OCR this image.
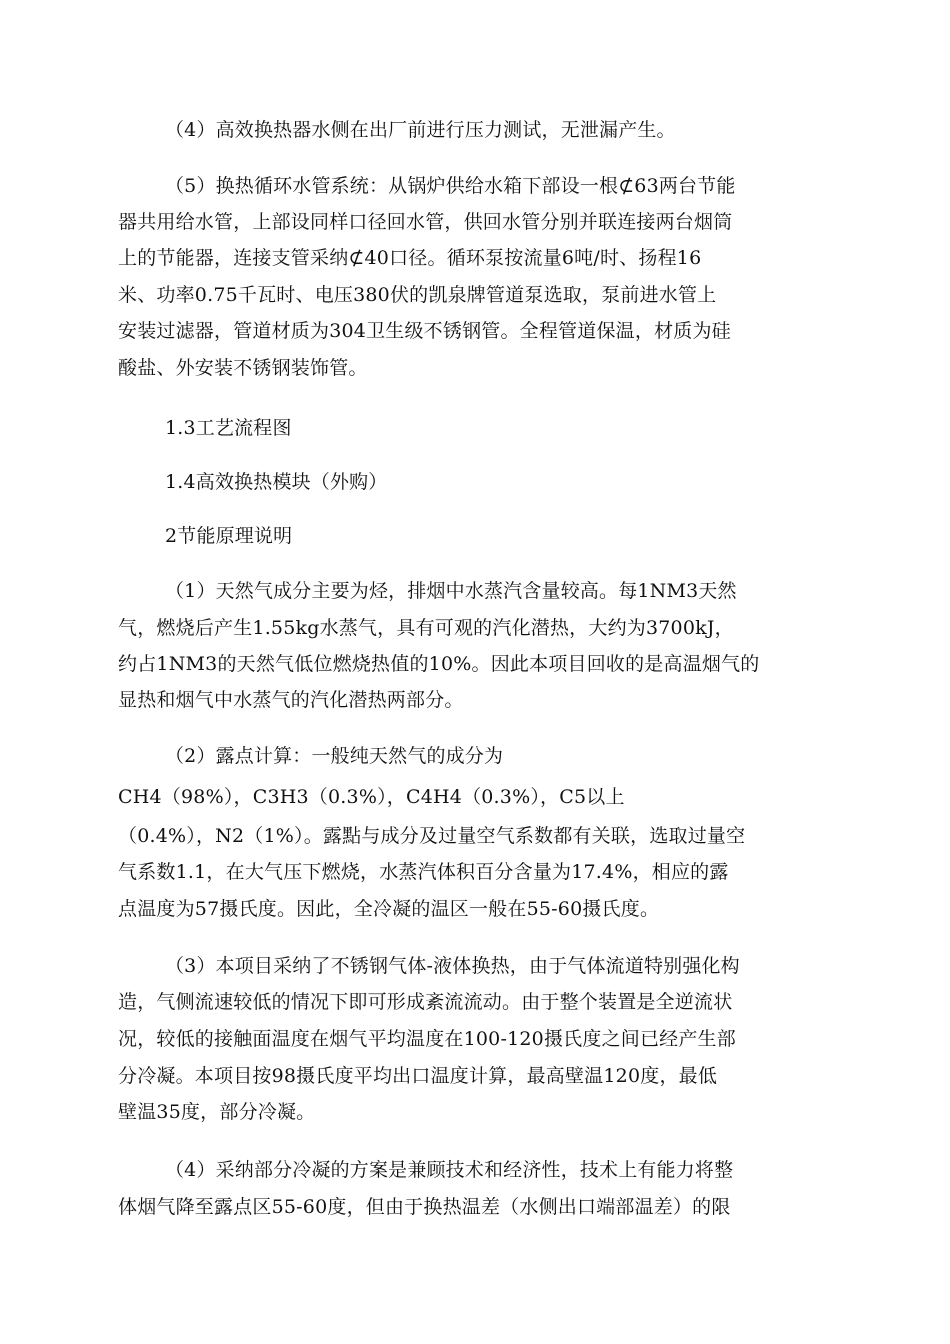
（4）高效换热器水侧在出厂前进行压力测试，无泄漏产生。
（5）换热循环水管系统：从锅炉供给水箱下部设一根⊄63两台节能
器共用给水管，上部设同样口径回水管，供回水管分别并联连接两台烟筒
上的节能器，连接支管采纳⊄40口径。循环泵按流量6吨/时、扬程16
米、功率0.75千瓦时、电压380伏的凯泉牌管道泵选取，泵前进水管上
安装过滤器，管道材质为304卫生级不锈钢管。全程管道保温，材质为硅
酸盐、外安装不锈钢装饰管。
1.3工艺流程图
1.4高效换热模块（外购）
2节能原理说明
（1）天然气成分主要为烃，排烟中水蒸汽含量较高。每1NM3天然
气，燃烧后产生1.55kg水蒸气，具有可观的汽化潜热，大约为3700kJ，
约占1NM3的天然气低位燃烧热值的10%。因此本项目回收的是高温烟气的
显热和烟气中水蒸气的汽化潜热两部分。
（2）露点计算：一般纯天然气的成分为
CH4（98%），C3H3（0.3%），C4H4（0.3%），C5以上
（0.4%），N2（1%）。露點与成分及过量空气系数都有关联，选取过量空
气系数1.1，在大气压下燃烧，水蒸汽体积百分含量为17.4%，相应的露
点温度为57摄氏度。因此，全冷凝的温区一般在55-60摄氏度。
（3）本项目采纳了不锈钢气体-液体换热，由于气体流道特别强化构
造，气侧流速较低的情况下即可形成紊流流动。由于整个装置是全逆流状
况，较低的接触面温度在烟气平均温度在100-120摄氏度之间已经产生部
分冷凝。本项目按98摄氏度平均出口温度计算，最高壁温120度，最低
壁温35度，部分冷凝。
（4）采纳部分冷凝的方案是兼顾技术和经济性，技术上有能力将整
体烟气降至露点区55-60度，但由于换热温差（水侧出口端部温差）的限
